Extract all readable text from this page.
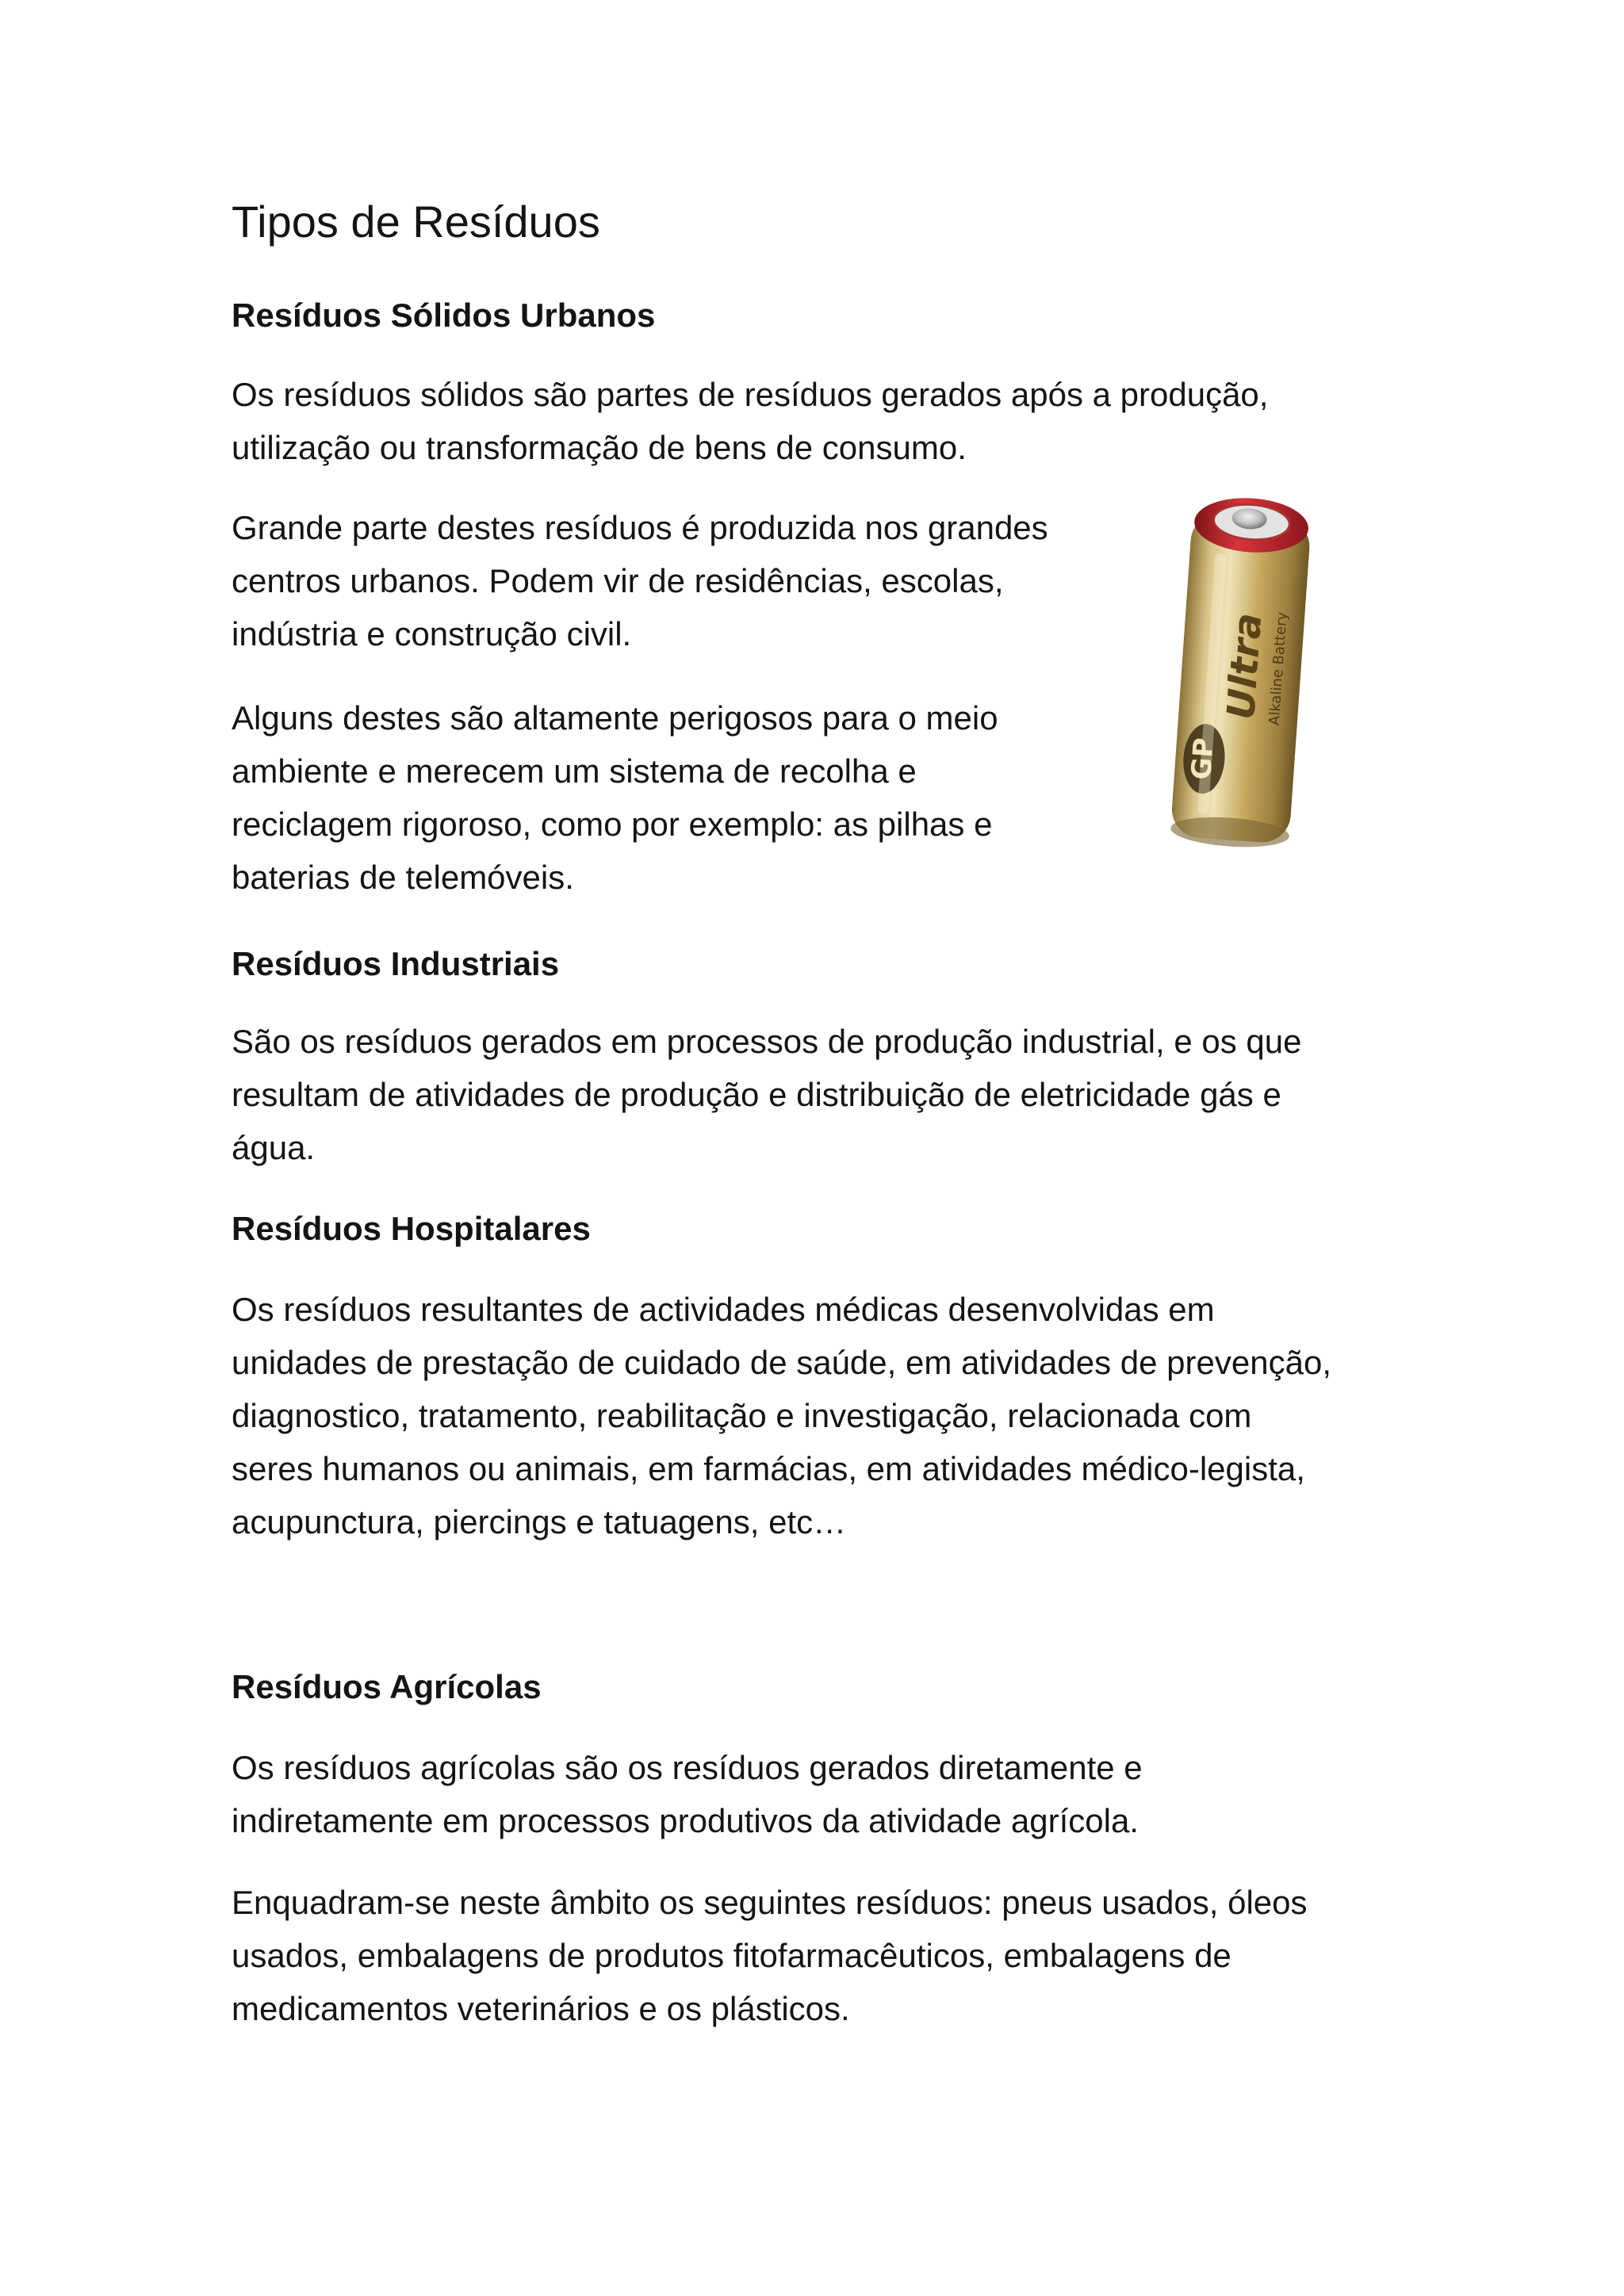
Tipos de Resíduos
Resíduos Sólidos Urbanos

Os resíduos sólidos são partes de resíduos gerados após a produção,
utilização ou transformação de bens de consumo.

Grande parte destes resíduos é produzida nos grandes
centros urbanos. Podem vir de residências, escolas,
indústria e construção civil.

Alguns destes são altamente perigosos para o meio
ambiente e merecem um sistema de recolha e
reciclagem rigoroso, como por exemplo: as pilhas e
baterias de telemóveis.

GP
Ultra
Alkaline Battery
Resíduos Industriais

São os resíduos gerados em processos de produção industrial, e os que
resultam de atividades de produção e distribuição de eletricidade gás e
água.

Resíduos Hospitalares

Os resíduos resultantes de actividades médicas desenvolvidas em
unidades de prestação de cuidado de saúde, em atividades de prevenção,
diagnostico, tratamento, reabilitação e investigação, relacionada com
seres humanos ou animais, em farmácias, em atividades médico-legista,
acupunctura, piercings e tatuagens, etc…

Resíduos Agrícolas

Os resíduos agrícolas são os resíduos gerados diretamente e
indiretamente em processos produtivos da atividade agrícola.

Enquadram-se neste âmbito os seguintes resíduos: pneus usados, óleos
usados, embalagens de produtos fitofarmacêuticos, embalagens de
medicamentos veterinários e os plásticos.
